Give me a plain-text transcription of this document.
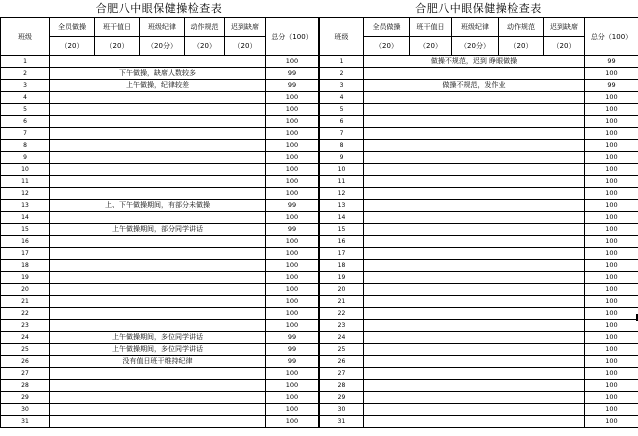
合肥八中眼保健操检查表
班级	全员做操	班干值日	班级纪律	动作规范	迟到缺席	总分（100）
	（20）	（20）	（20分）	（20）	（20）	
1						100
2	下午做操，缺席人数较多					99
3	上午做操，纪律较差					99
4						100
5						100
6						100
7						100
8						100
9						100
10						100
11						100
12						100
13	上、下午做操期间，有部分未做操					99
14						100
15	上午做操期间，部分同学讲话					99
16						100
17						100
18						100
19						100
20						100
21						100
22						100
23						100
24	上午做操期间，多位同学讲话					99
25	上午做操期间，多位同学讲话					99
26	没有值日班干维持纪律					99
27						100
28						100
29						100
30						100
31						100
合肥八中眼保健操检查表
班级	全员做操	班干值日	班级纪律	动作规范	迟到缺席	总分（100）
	（20）	（20）	（20分）	（20）	（20）	
1	做操不规范，迟到 睁眼做操					99
2						100
3	做操不规范，发作业					99
4						100
5						100
6						100
7						100
8						100
9						100
10						100
11						100
12						100
13						100
14						100
15						100
16						100
17						100
18						100
19						100
20						100
21						100
22						100
23						100
24						100
25						100
26						100
27						100
28						100
29						100
30						100
31						100
